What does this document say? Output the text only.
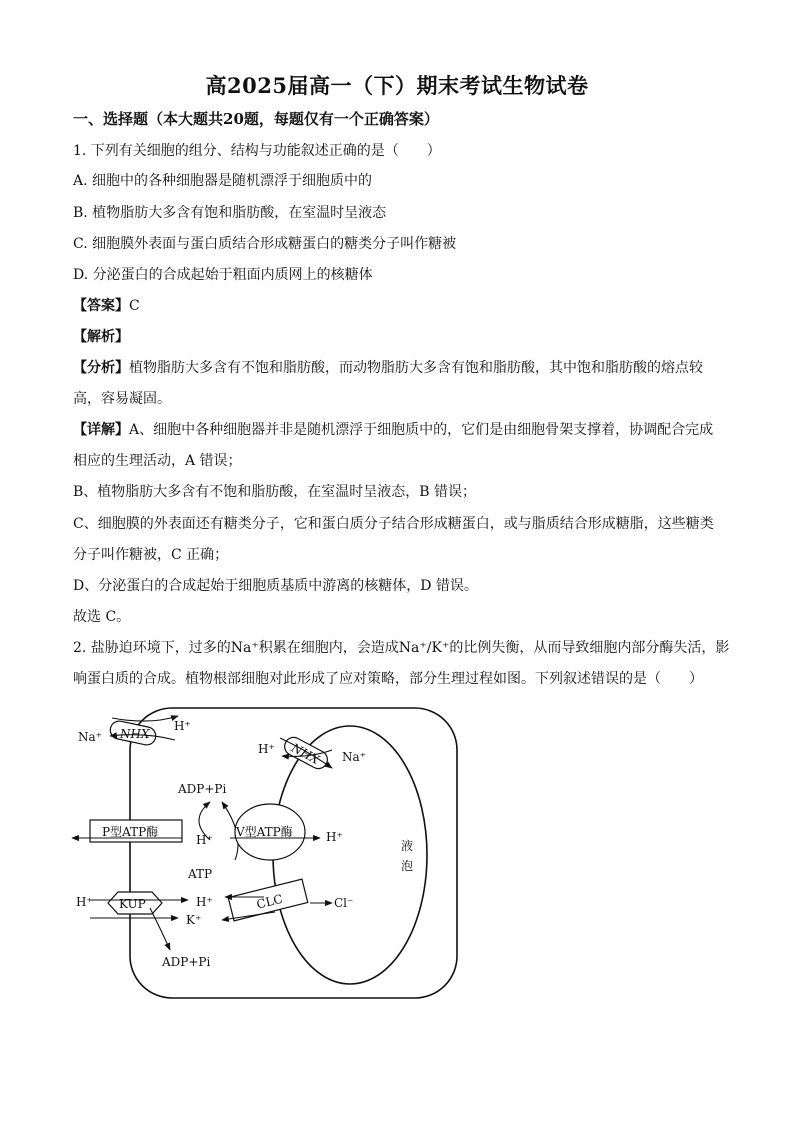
高2025届高一（下）期末考试生物试卷
一、选择题（本大题共20题，每题仅有一个正确答案）
1. 下列有关细胞的组分、结构与功能叙述正确的是（　　）
A. 细胞中的各种细胞器是随机漂浮于细胞质中的
B. 植物脂肪大多含有饱和脂肪酸，在室温时呈液态
C. 细胞膜外表面与蛋白质结合形成糖蛋白的糖类分子叫作糖被
D. 分泌蛋白的合成起始于粗面内质网上的核糖体
【答案】C
【解析】
【分析】植物脂肪大多含有不饱和脂肪酸，而动物脂肪大多含有饱和脂肪酸，其中饱和脂肪酸的熔点较
高，容易凝固。
【详解】A、细胞中各种细胞器并非是随机漂浮于细胞质中的，它们是由细胞骨架支撑着，协调配合完成
相应的生理活动，A 错误；
B、植物脂肪大多含有不饱和脂肪酸，在室温时呈液态，B 错误；
C、细胞膜的外表面还有糖类分子，它和蛋白质分子结合形成糖蛋白，或与脂质结合形成糖脂，这些糖类
分子叫作糖被，C 正确；
D、分泌蛋白的合成起始于细胞质基质中游离的核糖体，D 错误。
故选 C。
2. 盐胁迫环境下，过多的Na⁺积累在细胞内，会造成Na⁺/K⁺的比例失衡，从而导致细胞内部分酶失活，影
响蛋白质的合成。植物根部细胞对此形成了应对策略，部分生理过程如图。下列叙述错误的是（　　）
NHX
Na⁺
H⁺
NHX
H⁺
Na⁺
ADP+Pi
P型ATP酶
H⁺
V型ATP酶	H⁺
液
泡
ATP
H⁺ KUP	H⁺
K⁺
ADP+Pi
CLC	Cl⁻
